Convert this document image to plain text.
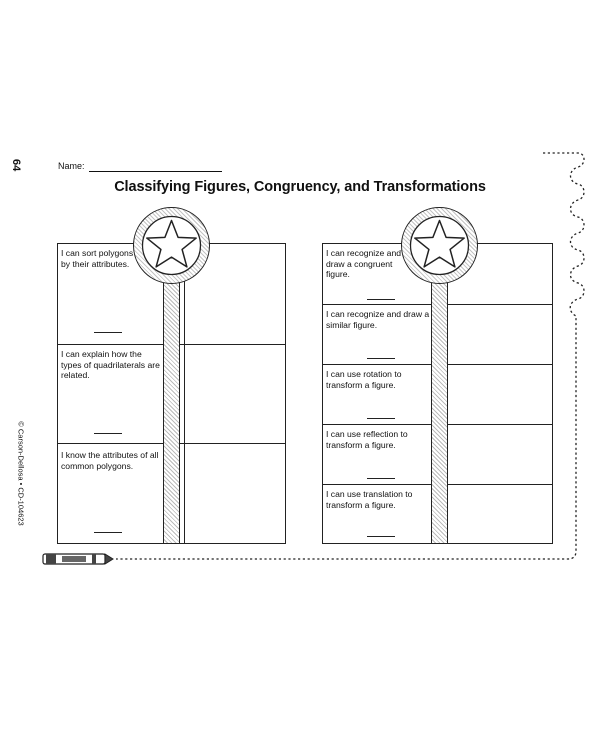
64	Name:
Classifying Figures, Congruency, and Transformations
© Carson-Dellosa • CD-104623
I can sort polygons by their attributes.
I can explain how the types of quadrilaterals are related.
I know the attributes of all common polygons.
I can recognize and draw a congruent figure.
I can recognize and draw a similar figure.
I can use rotation to transform a figure.
I can use reflection to transform a figure.
I can use translation to transform a figure.
